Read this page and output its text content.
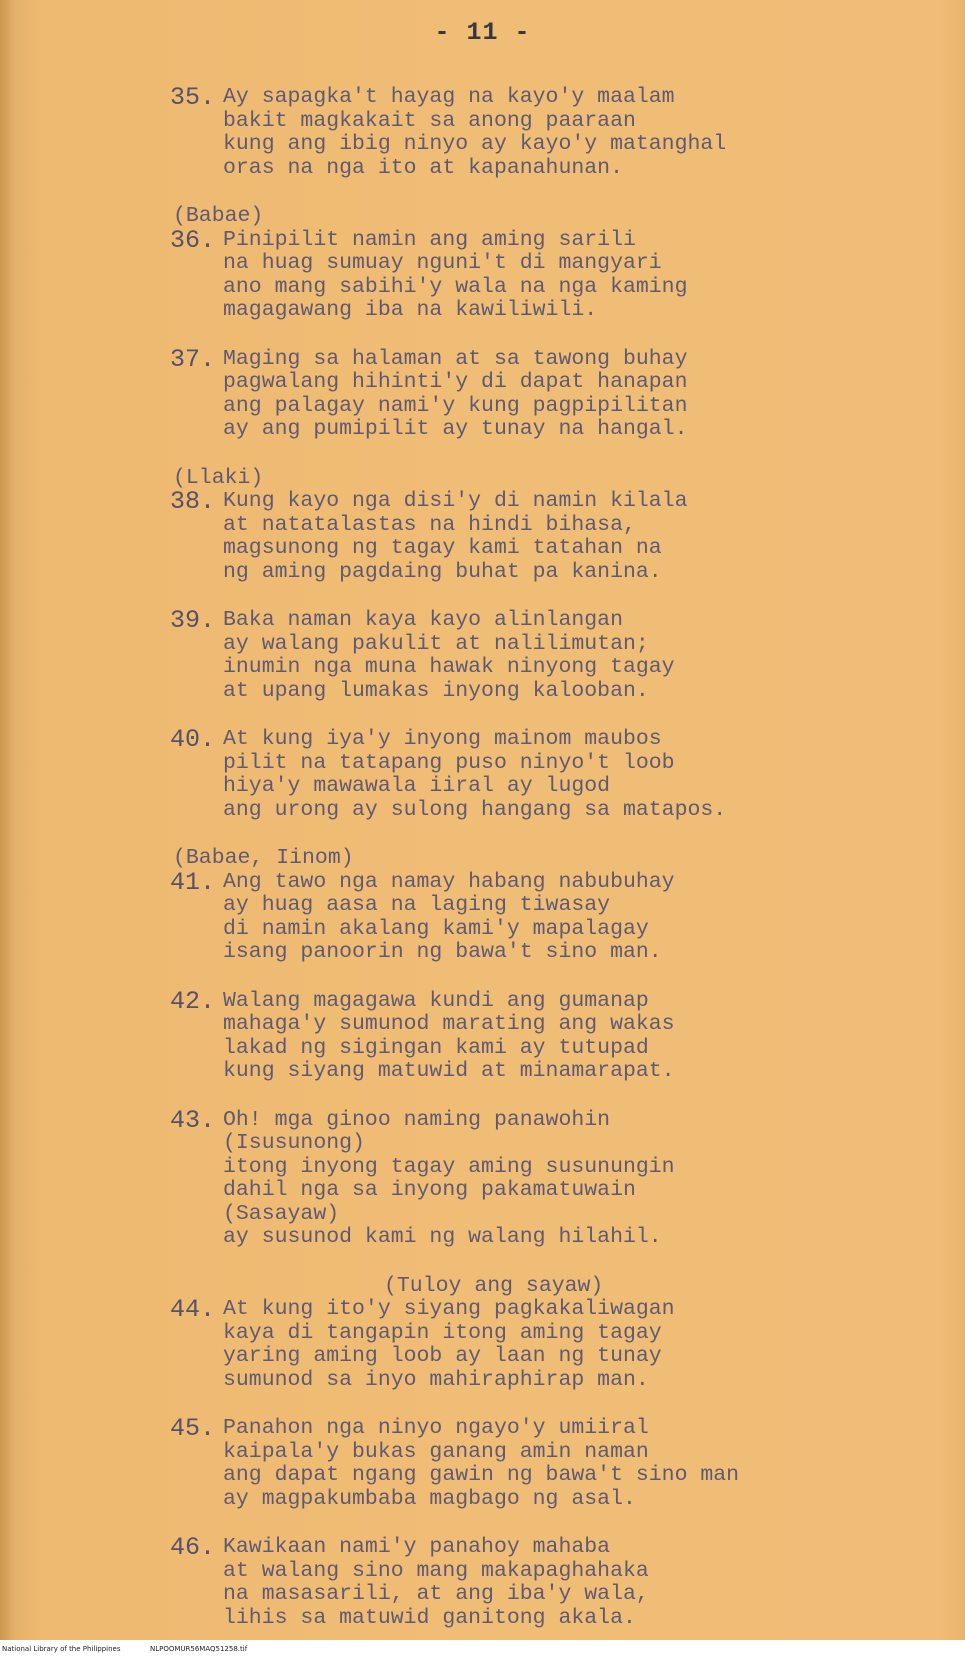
- 11 -
35. Ay sapagka't hayag na kayo'y maalam
bakit magkakait sa anong paaraan
kung ang ibig ninyo ay kayo'y matanghal
oras na nga ito at kapanahunan.

(Babae)

36. Pinipilit namin ang aming sarili
na huag sumuay nguni't di mangyari
ano mang sabihi'y wala na nga kaming
magagawang iba na kawiliwili.
37. Maging sa halaman at sa tawong buhay
pagwalang hihinti'y di dapat hanapan
ang palagay nami'y kung pagpipilitan
ay ang pumipilit ay tunay na hangal.

(Llaki)

38. Kung kayo nga disi'y di namin kilala
at natatalastas na hindi bihasa,
magsunong ng tagay kami tatahan na
ng aming pagdaing buhat pa kanina.
39. Baka naman kaya kayo alinlangan
ay walang pakulit at nalilimutan;
inumin nga muna hawak ninyong tagay
at upang lumakas inyong kalooban.
40. At kung iya'y inyong mainom maubos
pilit na tatapang puso ninyo't loob
hiya'y mawawala iiral ay lugod
ang urong ay sulong hangang sa matapos.

(Babae, Iinom)

41. Ang tawo nga namay habang nabubuhay
ay huag aasa na laging tiwasay
di namin akalang kami'y mapalagay
isang panoorin ng bawa't sino man.
42. Walang magagawa kundi ang gumanap
mahaga'y sumunod marating ang wakas
lakad ng sigingan kami ay tutupad
kung siyang matuwid at minamarapat.
43. Oh! mga ginoo naming panawohin
(Isusunong)
itong inyong tagay aming susunungin
dahil nga sa inyong pakamatuwain
(Sasayaw)
ay susunod kami ng walang hilahil.

(Tuloy ang sayaw)

44. At kung ito'y siyang pagkakaliwagan
kaya di tangapin itong aming tagay
yaring aming loob ay laan ng tunay
sumunod sa inyo mahiraphirap man.
45. Panahon nga ninyo ngayo'y umiiral
kaipala'y bukas ganang amin naman
ang dapat ngang gawin ng bawa't sino man
ay magpakumbaba magbago ng asal.
46. Kawikaan nami'y panahoy mahaba
at walang sino mang makapaghahaka
na masasarili, at ang iba'y wala,
lihis sa matuwid ganitong akala.
National Library of the Philippines	NLPOOMUR56MAQ51258.tif
